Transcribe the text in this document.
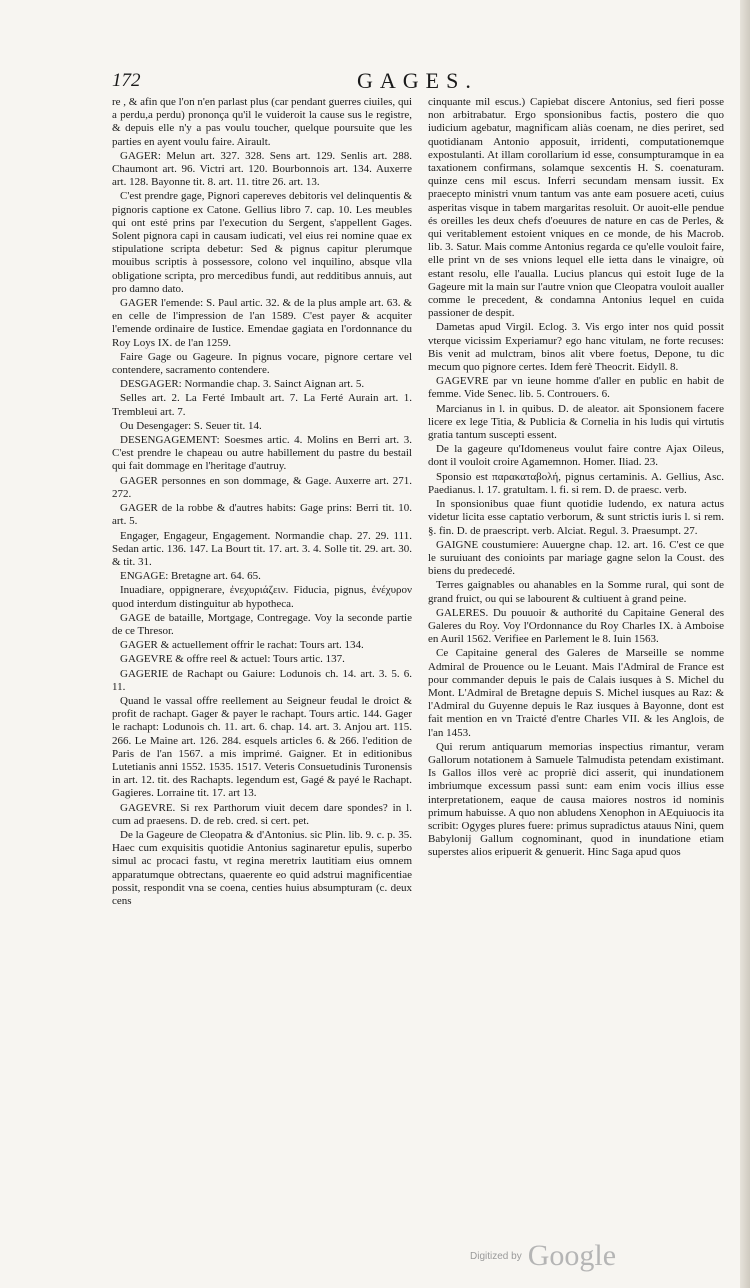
172	GAGES.

re , & afin que l'on n'en parlast plus (car pendant guerres ciuiles, qui a perdu,a perdu) prononça qu'il le vuideroit la cause sus le registre, & depuis elle n'y a pas voulu toucher, quelque poursuite que les parties en ayent voulu faire. Airault.

GAGER: Melun art. 327. 328. Sens art. 129. Senlis art. 288. Chaumont art. 96. Victri art. 120. Bourbonnois art. 134. Auxerre art. 128. Bayonne tit. 8. art. 11. titre 26. art. 13.

C'est prendre gage, Pignori capereves debitoris vel delinquentis & pignoris captione ex Catone. Gellius libro 7. cap. 10. Les meubles qui ont esté prins par l'execution du Sergent, s'appellent Gages. Solent pignora capi in causam iudicati, vel eius rei nomine quae ex stipulatione scripta debetur: Sed & pignus capitur plerumque mouibus scriptis à possessore, colono vel inquilino, absque vlla obligatione scripta, pro mercedibus fundi, aut redditibus annuis, aut pro damno dato.

GAGER l'emende: S. Paul artic. 32. & de la plus ample art. 63. & en celle de l'impression de l'an 1589. C'est payer & acquiter l'emende ordinaire de Iustice. Emendae gagiata en l'ordonnance du Roy Loys IX. de l'an 1259.

Faire Gage ou Gageure. In pignus vocare, pignore certare vel contendere, sacramento contendere.

DESGAGER: Normandie chap. 3. Sainct Aignan art. 5.

Selles art. 2. La Ferté Imbault art. 7. La Ferté Aurain art. 1. Trembleui art. 7.

Ou Desengager: S. Seuer tit. 14.

DESENGAGEMENT: Soesmes artic. 4. Molins en Berri art. 3. C'est prendre le chapeau ou autre habillement du pastre du bestail qui fait dommage en l'heritage d'autruy.

GAGER personnes en son dommage, & Gage. Auxerre art. 271. 272.

GAGER de la robbe & d'autres habits: Gage prins: Berri tit. 10. art. 5.

Engager, Engageur, Engagement. Normandie chap. 27. 29. 111. Sedan artic. 136. 147. La Bourt tit. 17. art. 3. 4. Solle tit. 29. art. 30. & tit. 31.

ENGAGE: Bretagne art. 64. 65.

Inuadiare, oppignerare, ἐνεχυριάζειν. Fiducia, pignus, ἐνέχυρον quod interdum distinguitur ab hypotheca.

GAGE de bataille, Mortgage, Contregage. Voy la seconde partie de ce Thresor.

GAGER & actuellement offrir le rachat: Tours art. 134.

GAGEVRE & offre reel & actuel: Tours artic. 137.

GAGERIE de Rachapt ou Gaiure: Lodunois ch. 14. art. 3. 5. 6. 11.

Quand le vassal offre reellement au Seigneur feudal le droict & profit de rachapt. Gager & payer le rachapt. Tours artic. 144. Gager le rachapt: Lodunois ch. 11. art. 6. chap. 14. art. 3. Anjou art. 115. 266. Le Maine art. 126. 284. esquels articles 6. & 266. l'edition de Paris de l'an 1567. a mis imprimé. Gaigner. Et in editionibus Lutetianis anni 1552. 1535. 1517. Veteris Consuetudinis Turonensis in art. 12. tit. des Rachapts. legendum est, Gagé & payé le Rachapt. Gagieres. Lorraine tit. 17. art 13.

GAGEVRE. Si rex Parthorum viuit decem dare spondes? in l. cum ad praesens. D. de reb. cred. si cert. pet.

De la Gageure de Cleopatra & d'Antonius. sic Plin. lib. 9. c. p. 35. Haec cum exquisitis quotidie Antonius saginaretur epulis, superbo simul ac procaci fastu, vt regina meretrix lautitiam eius omnem apparatumque obtrectans, quaerente eo quid adstrui magnificentiae possit, respondit vna se coena, centies huius absumpturam (c. deux cens

cinquante mil escus.) Capiebat discere Antonius, sed fieri posse non arbitrabatur. Ergo sponsionibus factis, postero die quo iudicium agebatur, magnificam aliàs coenam, ne dies periret, sed quotidianam Antonio apposuit, irridenti, computationemque expostulanti. At illam corollarium id esse, consumpturamque in ea taxationem confirmans, solamque sexcentis H. S. coenaturam. quinze cens mil escus. Inferri secundam mensam iussit. Ex praecepto ministri vnum tantum vas ante eam posuere aceti, cuius asperitas visque in tabem margaritas resoluit. Or auoit-elle pendue és oreilles les deux chefs d'oeuures de nature en cas de Perles, & qui veritablement estoient vniques en ce monde, de his Macrob. lib. 3. Satur. Mais comme Antonius regarda ce qu'elle vouloit faire, elle print vn de ses vnions lequel elle ietta dans le vinaigre, où estant resolu, elle l'aualla. Lucius plancus qui estoit Iuge de la Gageure mit la main sur l'autre vnion que Cleopatra vouloit aualler comme le precedent, & condamna Antonius lequel en cuida passioner de despit.

Dametas apud Virgil. Eclog. 3. Vis ergo inter nos quid possit vterque vicissim Experiamur? ego hanc vitulam, ne forte recuses: Bis venit ad mulctram, binos alit vbere foetus, Depone, tu dic mecum quo pignore certes. Idem ferè Theocrit. Eidyll. 8.

GAGEVRE par vn ieune homme d'aller en public en habit de femme. Vide Senec. lib. 5. Controuers. 6.

Marcianus in l. in quibus. D. de aleator. ait Sponsionem facere licere ex lege Titia, & Publicia & Cornelia in his ludis qui virtutis gratia tantum suscepti essent.

De la gageure qu'Idomeneus voulut faire contre Ajax Oileus, dont il vouloit croire Agamemnon. Homer. Iliad. 23.

Sponsio est παρακαταβολή, pignus certaminis. A. Gellius, Asc. Paedianus. l. 17. gratultam. l. fi. si rem. D. de praesc. verb.

In sponsionibus quae fiunt quotidie ludendo, ex natura actus videtur licita esse captatio verborum, & sunt strictis iuris l. si rem. §. fin. D. de praescript. verb. Alciat. Regul. 3. Praesumpt. 27.

GAIGNE coustumiere: Auuergne chap. 12. art. 16. C'est ce que le suruiuant des conioints par mariage gagne selon la Coust. des biens du predecedé.

Terres gaignables ou ahanables en la Somme rural, qui sont de grand fruict, ou qui se labourent & cultiuent à grand peine.

GALERES. Du pouuoir & authorité du Capitaine General des Galeres du Roy. Voy l'Ordonnance du Roy Charles IX. à Amboise en Auril 1562. Verifiee en Parlement le 8. Iuin 1563.

Ce Capitaine general des Galeres de Marseille se nomme Admiral de Prouence ou le Leuant. Mais l'Admiral de France est pour commander depuis le pais de Calais iusques à S. Michel du Mont. L'Admiral de Bretagne depuis S. Michel iusques au Raz: & l'Admiral du Guyenne depuis le Raz iusques à Bayonne, dont est fait mention en vn Traicté d'entre Charles VII. & les Anglois, de l'an 1453.

Qui rerum antiquarum memorias inspectius rimantur, veram Gallorum notationem à Samuele Talmudista petendam existimant. Is Gallos illos verè ac propriè dici asserit, qui inundationem imbriumque excessum passi sunt: eam enim vocis illius esse interpretationem, eaque de causa maiores nostros id nominis primum habuisse. A quo non abludens Xenophon in AEquiuocis ita scribit: Ogyges plures fuere: primus supradictus atauus Nini, quem Babylonij Gallum cognominant, quod in inundatione etiam superstes alios eripuerit & genuerit. Hinc Saga apud quos

Digitized by Google
